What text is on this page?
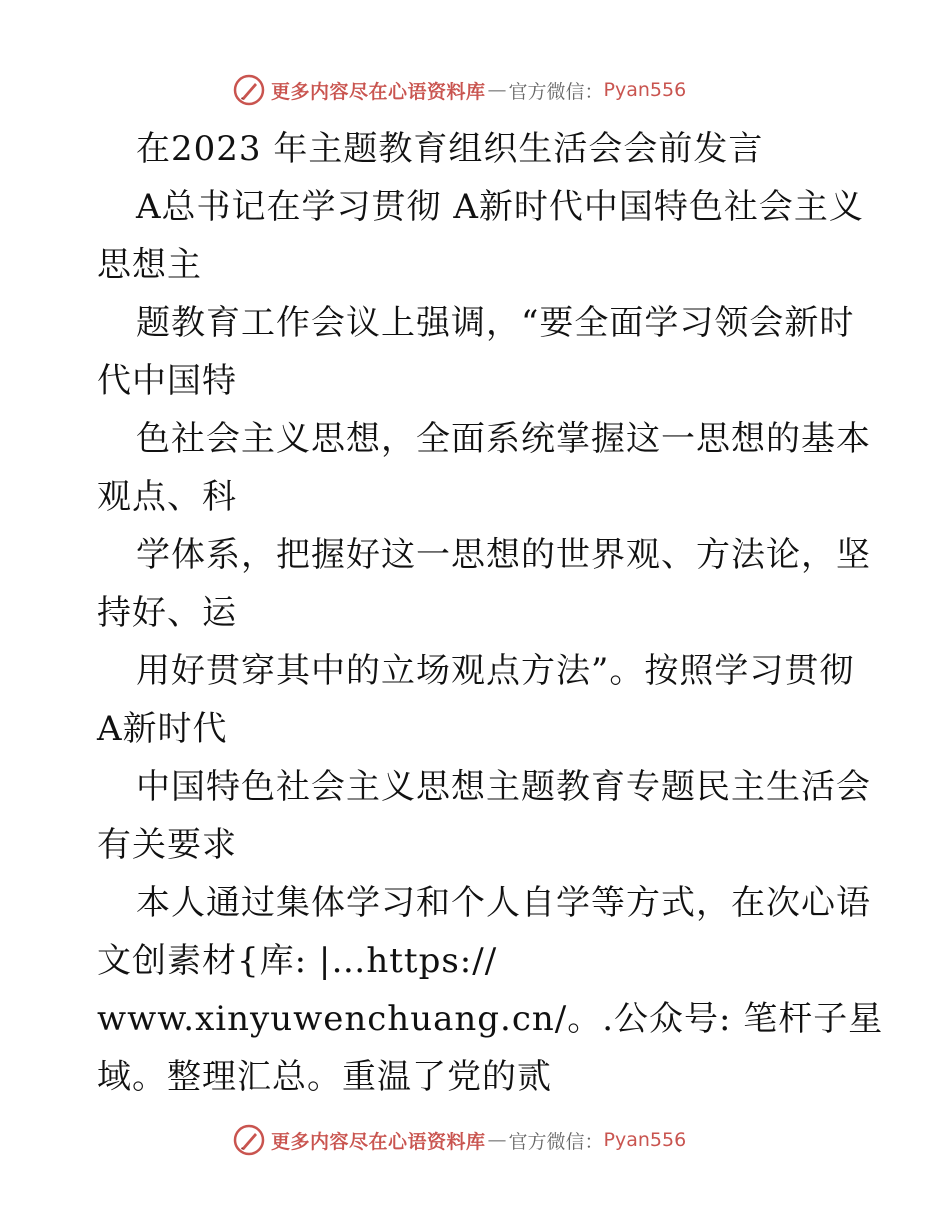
更多内容尽在心语资料库 — 官方微信： Pyan556
在2023 年主题教育组织生活会会前发言
A总书记在学习贯彻 A新时代中国特色社会主义
思想主
题教育工作会议上强调，“要全面学习领会新时
代中国特
色社会主义思想，全面系统掌握这一思想的基本
观点、科
学体系，把握好这一思想的世界观、方法论，坚
持好、运
用好贯穿其中的立场观点方法”。按照学习贯彻
A新时代
中国特色社会主义思想主题教育专题民主生活会
有关要求
本人通过集体学习和个人自学等方式，在次心语
文创素材{库: |…https://
www.xinyuwenchuang.cn/。.公众号: 笔杆子星
域。整理汇总。重温了党的贰
更多内容尽在心语资料库 — 官方微信： Pyan556
